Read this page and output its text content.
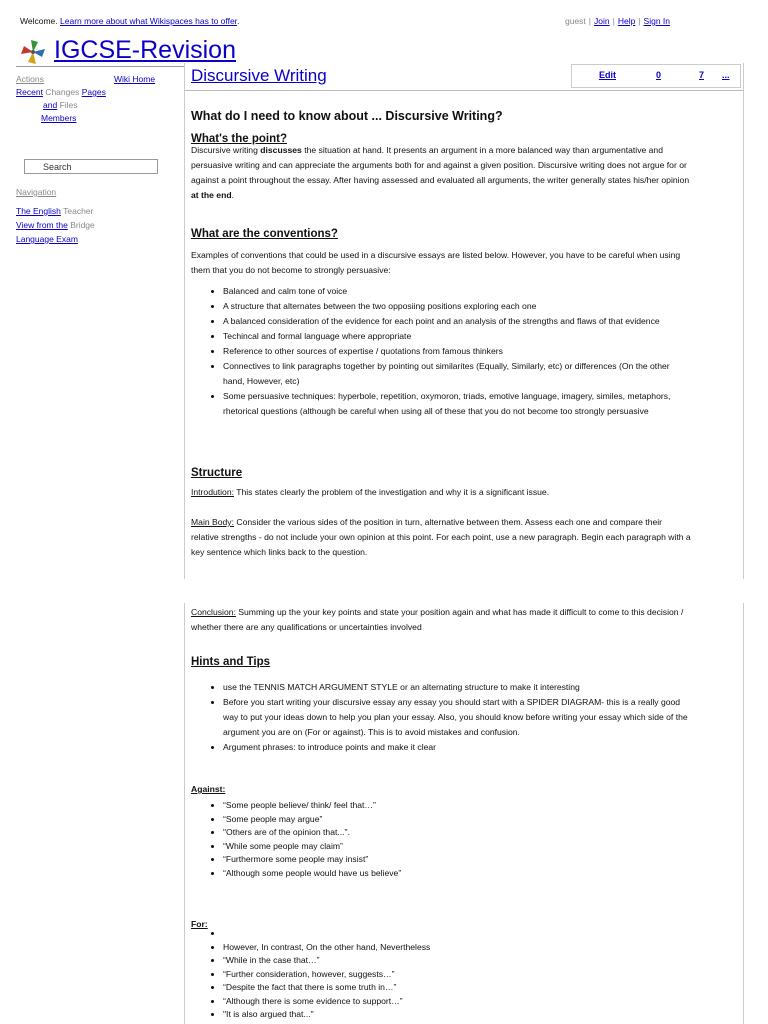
Welcome. Learn more about what Wikispaces has to offer.	guest | Join | Help | Sign In
IGCSE-Revision
Actions	Wiki Home
Recent Changes Pages
and Files
Members
Search
Navigation
The English Teacher
View from the Bridge
Language Exam
Discursive Writing	Edit	0	7 ...
What do I need to know about ... Discursive Writing?
What's the point?

Discursive writing discusses the situation at hand. It presents an argument in a more balanced way than argumentative and persuasive writing and can appreciate the arguments both for and against a given position. Discursive writing does not argue for or against a point throughout the essay. After having assessed and evaluated all arguments, the writer generally states his/her opinion at the end.

What are the conventions?

Examples of conventions that could be used in a discursive essays are listed below. However, you have to be careful when using them that you do not become to strongly persuasive:

• Balanced and calm tone of voice
• A structure that alternates between the two opposiing positions exploring each one
• A balanced consideration of the evidence for each point and an analysis of the strengths and flaws of that evidence
• Techincal and formal language where appropriate
• Reference to other sources of expertise / quotations from famous thinkers
• Connectives to link paragraphs together by pointing out similarites (Equally, Similarly, etc) or differences (On the other hand, However, etc)
• Some persuasive techniques: hyperbole, repetition, oxymoron, triads, emotive language, imagery, similes, metaphors, rhetorical questions (although be careful when using all of these that you do not become too strongly persuasive
Structure

Introdution: This states clearly the problem of the investigation and why it is a significant issue.

Main Body: Consider the various sides of the position in turn, alternative between them. Assess each one and compare their relative strengths - do not include your own opinion at this point. For each point, use a new paragraph. Begin each paragraph with a key sentence which links back to the question.

Conclusion: Summing up the your key points and state your position again and what has made it difficult to come to this decision / whether there are any qualifications or uncertainties involved

Hints and Tips
• use the TENNIS MATCH ARGUMENT STYLE or an alternating structure to make it interesting
• Before you start writing your discursive essay any essay you should start with a SPIDER DIAGRAM- this is a really good way to put your ideas down to help you plan your essay. Also, you should know before writing your essay which side of the argument you are on (For or against). This is to avoid mistakes and confusion.
• Argument phrases: to introduce points and make it clear
Against:
• “Some people believe/ think/ feel that…”
• “Some people may argue”
• "Others are of the opinion that...".
• “While some people may claim”
• “Furthermore some people may insist”
• “Although some people would have us believe”
For:
•
• However, In contrast, On the other hand, Nevertheless
• “While in the case that…”
• “Further consideration, however, suggests…”
• “Despite the fact that there is some truth in…”
• “Although there is some evidence to support…”
• "It is also argued that..."
